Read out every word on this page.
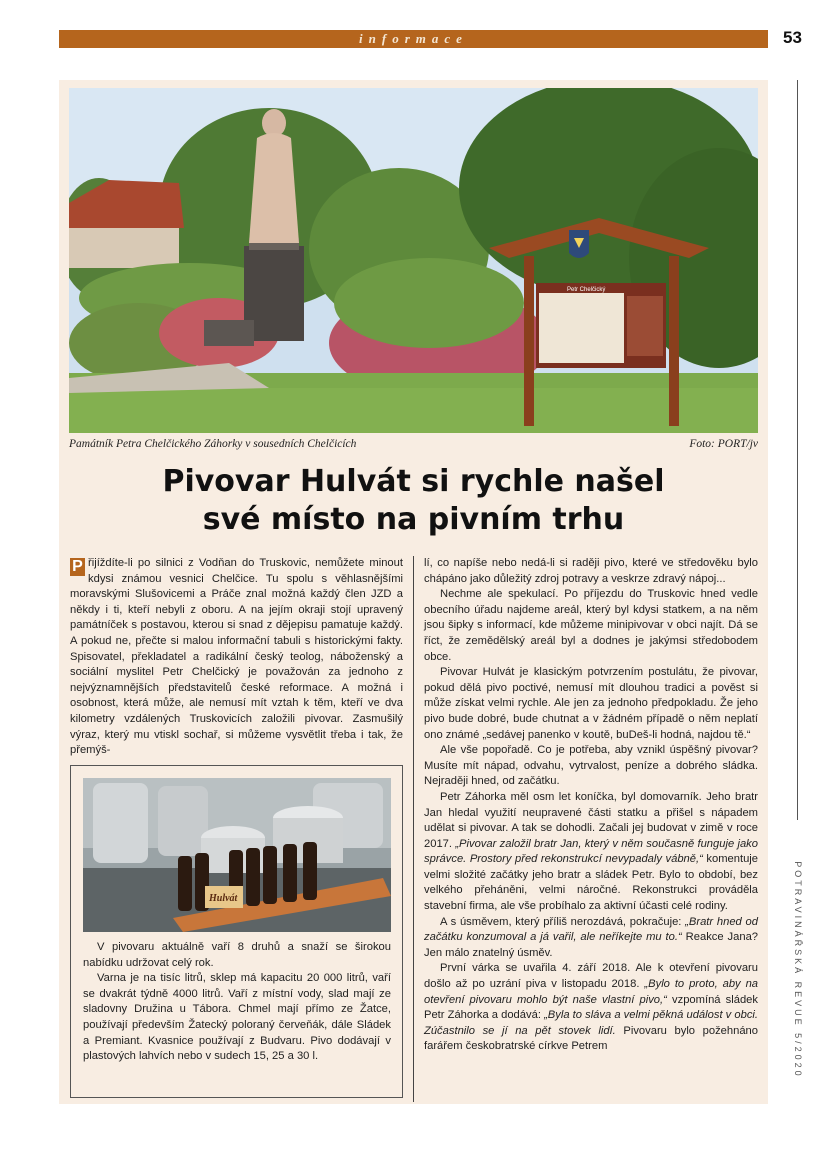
informace	53
POTRAVINÁŘSKÁ REVUE 5/2020
Petr Chelčický
Památník Petra Chelčického Záhorky v sousedních Chelčicích	Foto: PORT/jv
Pivovar Hulvát si rychle našel
své místo na pivním trhu

P řijíždíte-li po silnici z Vodňan do Truskovic, nemůžete minout kdysi známou vesnici Chelčice. Tu spolu s věhlasnějšími moravskými Slušovicemi a Práče znal možná každý člen JZD a někdy i ti, kteří nebyli z oboru. A na jejím okraji stojí upravený památníček s postavou, kterou si snad z dějepisu pamatuje každý. A pokud ne, přečte si malou informační tabuli s historickými fakty. Spisovatel, překladatel a radikální český teolog, náboženský a sociální myslitel Petr Chelčický je považován za jednoho z nejvýznamnějších představitelů české reformace. A možná i osobnost, která může, ale nemusí mít vztah k těm, kteří ve dva kilometry vzdálených Truskovicích založili pivovar. Zasmušilý výraz, který mu vtiskl sochař, si můžeme vysvětlit třeba i tak, že přemýš-

Hulvát

V pivovaru aktuálně vaří 8 druhů a snaží se širokou nabídku udržovat celý rok.

Varna je na tisíc litrů, sklep má kapacitu 20 000 litrů, vaří se dvakrát týdně 4000 litrů. Vaří z místní vody, slad mají ze sladovny Družina u Tábora. Chmel mají přímo ze Žatce, používají především Žatecký poloraný červeňák, dále Sládek a Premiant. Kvasnice používají z Budvaru. Pivo dodávají v plastových lahvích nebo v sudech 15, 25 a 30 l.

lí, co napíše nebo nedá-li si raději pivo, které ve středověku bylo chápáno jako důležitý zdroj potravy a veskrze zdravý nápoj...

Nechme ale spekulací. Po příjezdu do Truskovic hned vedle obecního úřadu najdeme areál, který byl kdysi statkem, a na něm jsou šipky s informací, kde můžeme minipivovar v obci najít. Dá se říct, že zemědělský areál byl a dodnes je jakýmsi středobodem obce.

Pivovar Hulvát je klasickým potvrzením postulátu, že pivovar, pokud dělá pivo poctivé, nemusí mít dlouhou tradici a pověst si může získat velmi rychle. Ale jen za jednoho předpokladu. Že jeho pivo bude dobré, bude chutnat a v žádném případě o něm neplatí ono známé „sedávej panenko v koutě, buDeš-li hodná, najdou tě.“

Ale vše popořadě. Co je potřeba, aby vznikl úspěšný pivovar? Musíte mít nápad, odvahu, vytrvalost, peníze a dobrého sládka. Nejraději hned, od začátku.

Petr Záhorka měl osm let koníčka, byl domovarník. Jeho bratr Jan hledal využití neupravené části statku a přišel s nápadem udělat si pivovar. A tak se dohodli. Začali jej budovat v zimě v roce 2017. „Pivovar založil bratr Jan, který v něm současně funguje jako správce. Prostory před rekonstrukcí nevypadaly vábně,“ komentuje velmi složité začátky jeho bratr a sládek Petr. Bylo to období, bez velkého přeháněni, velmi náročné. Rekonstrukci prováděla stavební firma, ale vše probíhalo za aktivní účasti celé rodiny.

A s úsměvem, který příliš nerozdává, pokračuje: „Bratr hned od začátku konzumoval a já vařil, ale neříkejte mu to.“ Reakce Jana? Jen málo znatelný úsměv.

První várka se uvařila 4. září 2018. Ale k otevření pivovaru došlo až po uzrání piva v listopadu 2018. „Bylo to proto, aby na otevření pivovaru mohlo být naše vlastní pivo,“ vzpomíná sládek Petr Záhorka a dodává: „Byla to sláva a velmi pěkná událost v obci. Zúčastnilo se jí na pět stovek lidí. Pivovaru bylo požehnáno farářem českobratrské církve Petrem
